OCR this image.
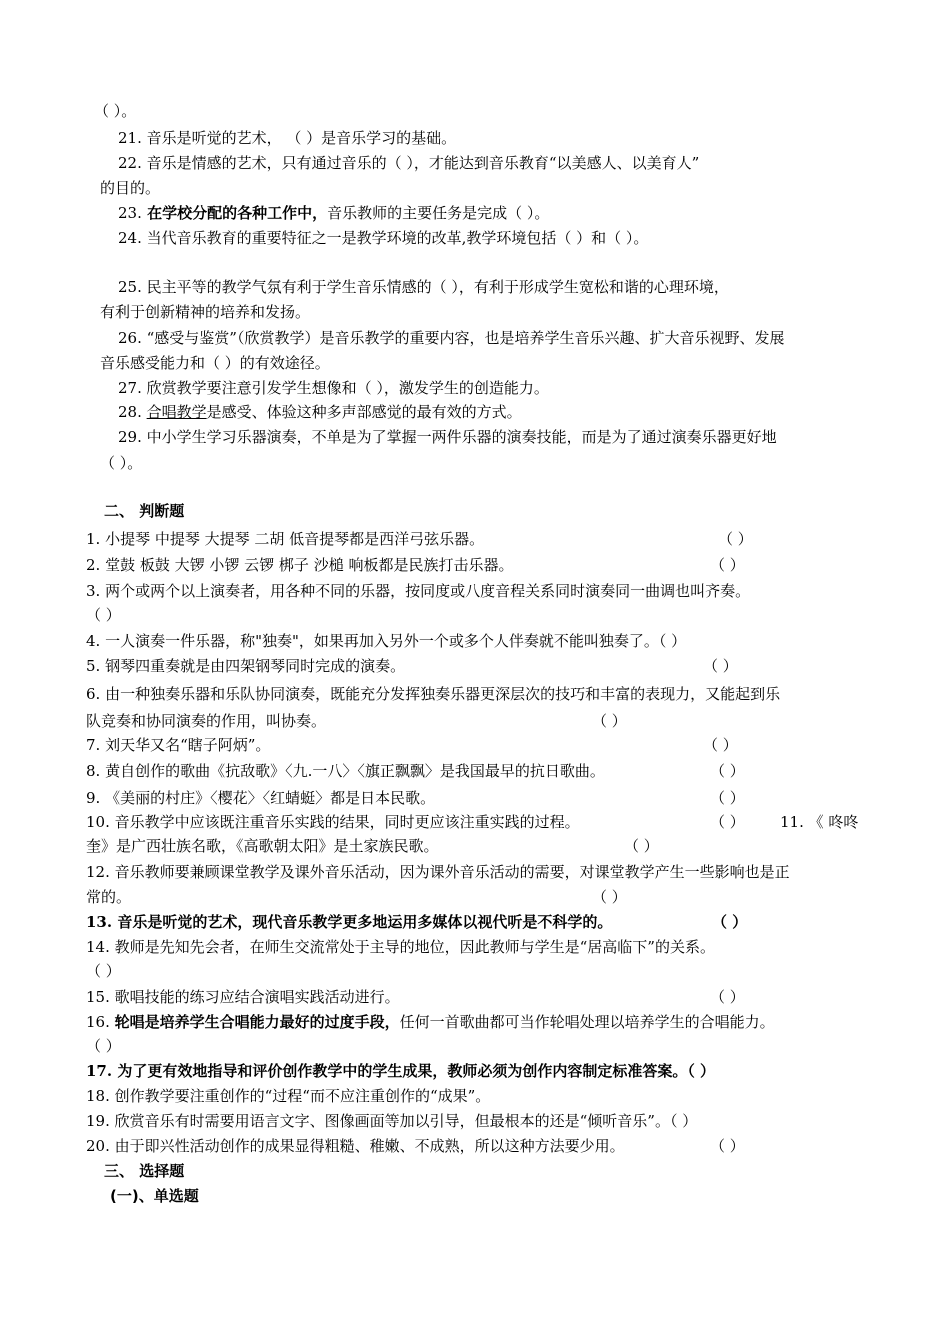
（ ）。
21. 音乐是听觉的艺术， （ ）是音乐学习的基础。
22. 音乐是情感的艺术，只有通过音乐的（ ），才能达到音乐教育“以美感人、以美育人”
的目的。
23. 在学校分配的各种工作中，音乐教师的主要任务是完成（ ）。
24. 当代音乐教育的重要特征之一是教学环境的改革,教学环境包括（ ）和（ ）。
25. 民主平等的教学气氛有利于学生音乐情感的（ ），有利于形成学生宽松和谐的心理环境，
有利于创新精神的培养和发扬。
26. “感受与鉴赏”（欣赏教学）是音乐教学的重要内容，也是培养学生音乐兴趣、扩大音乐视野、发展
音乐感受能力和（ ）的有效途径。
27. 欣赏教学要注意引发学生想像和（ ），激发学生的创造能力。
28. 合唱教学是感受、体验这种多声部感觉的最有效的方式。
29. 中小学生学习乐器演奏，不单是为了掌握一两件乐器的演奏技能，而是为了通过演奏乐器更好地
（ ）。
二、 判断题
1. 小提琴 中提琴 大提琴 二胡 低音提琴都是西洋弓弦乐器。	（ ）
2. 堂鼓 板鼓 大锣 小锣 云锣 梆子 沙槌 响板都是民族打击乐器。	（ ）
3. 两个或两个以上演奏者，用各种不同的乐器，按同度或八度音程关系同时演奏同一曲调也叫齐奏。
（ ）
4. 一人演奏一件乐器，称"独奏"，如果再加入另外一个或多个人伴奏就不能叫独奏了。（ ）
5. 钢琴四重奏就是由四架钢琴同时完成的演奏。	（ ）
6. 由一种独奏乐器和乐队协同演奏，既能充分发挥独奏乐器更深层次的技巧和丰富的表现力，又能起到乐
队竞奏和协同演奏的作用，叫协奏。	（ ）
7. 刘天华又名“瞎子阿炳”。	（ ）
8. 黄自创作的歌曲《抗敌歌》〈九.一八〉〈旗正飘飘〉是我国最早的抗日歌曲。	（ ）
9. 《美丽的村庄》〈樱花〉〈红蜻蜓〉都是日本民歌。	（ ）
10. 音乐教学中应该既注重音乐实践的结果，同时更应该注重实践的过程。	（ ） 11. 《 咚咚
奎》是广西壮族名歌，《高歌朝太阳》是土家族民歌。	（ ）
12. 音乐教师要兼顾课堂教学及课外音乐活动，因为课外音乐活动的需要，对课堂教学产生一些影响也是正
常的。	（ ）
13. 音乐是听觉的艺术，现代音乐教学更多地运用多媒体以视代听是不科学的。	（ ）
14. 教师是先知先会者，在师生交流常处于主导的地位，因此教师与学生是“居高临下”的关系。
（ ）
15. 歌唱技能的练习应结合演唱实践活动进行。	（ ）
16. 轮唱是培养学生合唱能力最好的过度手段，任何一首歌曲都可当作轮唱处理以培养学生的合唱能力。
（ ）
17. 为了更有效地指导和评价创作教学中的学生成果，教师必须为创作内容制定标准答案。（ ）
18. 创作教学要注重创作的“过程“而不应注重创作的“成果”。
19. 欣赏音乐有时需要用语言文字、图像画面等加以引导，但最根本的还是“倾听音乐”。（ ）
20. 由于即兴性活动创作的成果显得粗糙、稚嫩、不成熟，所以这种方法要少用。	（ ）
三、 选择题
(一)、单选题
